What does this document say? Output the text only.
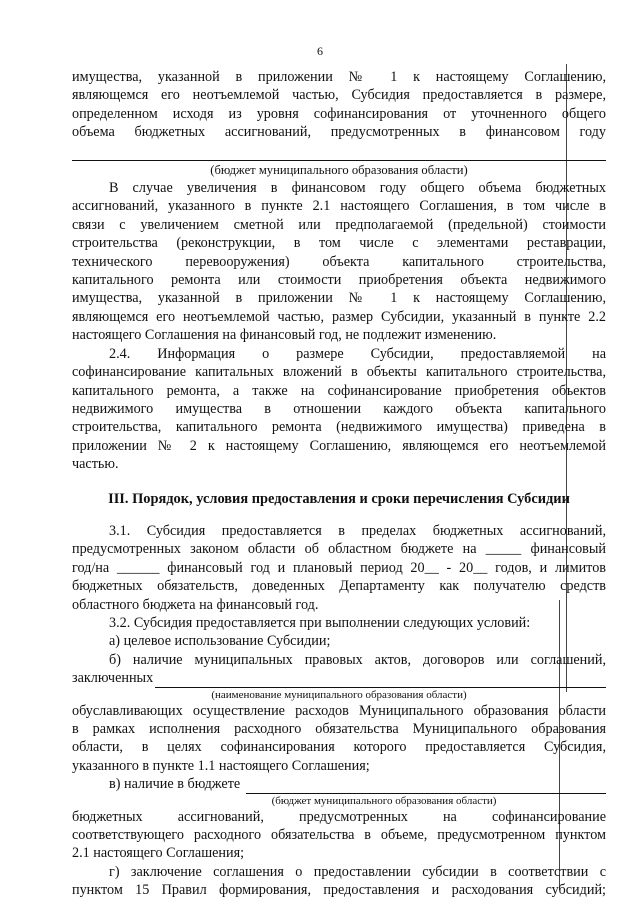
6

имущества, указанной в приложении № 1 к настоящему Соглашению,

являющемся его неотъемлемой частью, Субсидия предоставляется в размере,

определенном исходя из уровня софинансирования от уточненного общего

объема бюджетных ассигнований, предусмотренных в финансовом году

(бюджет муниципального образования области)

В случае увеличения в финансовом году общего объема бюджетных

ассигнований, указанного в пункте 2.1 настоящего Соглашения, в том числе в

связи с увеличением сметной или предполагаемой (предельной) стоимости

строительства (реконструкции, в том числе с элементами реставрации,

технического перевооружения) объекта капитального строительства,

капитального ремонта или стоимости приобретения объекта недвижимого

имущества, указанной в приложении № 1 к настоящему Соглашению,

являющемся его неотъемлемой частью, размер Субсидии, указанный в пункте 2.2

настоящего Соглашения на финансовый год, не подлежит изменению.

2.4. Информация о размере Субсидии, предоставляемой на

софинансирование капитальных вложений в объекты капитального строительства,

капитального ремонта, а также на софинансирование приобретения объектов

недвижимого имущества в отношении каждого объекта капитального

строительства, капитального ремонта (недвижимого имущества) приведена в

приложении № 2 к настоящему Соглашению, являющемся его неотъемлемой

частью.

III. Порядок, условия предоставления и сроки перечисления Субсидии

3.1. Субсидия предоставляется в пределах бюджетных ассигнований,

предусмотренных законом области об областном бюджете на _____ финансовый

год/на ______ финансовый год и плановый период 20__ - 20__ годов, и лимитов

бюджетных обязательств, доведенных Департаменту как получателю средств

областного бюджета на финансовый год.

3.2. Субсидия предоставляется при выполнении следующих условий:

а) целевое использование Субсидии;

б) наличие муниципальных правовых актов, договоров или соглашений,

заключенных

(наименование муниципального образования области)

обуславливающих осуществление расходов Муниципального образования области

в рамках исполнения расходного обязательства Муниципального образования

области, в целях софинансирования которого предоставляется Субсидия,

указанного в пункте 1.1 настоящего Соглашения;

в) наличие в бюджете

(бюджет муниципального образования области)

бюджетных ассигнований, предусмотренных на софинансирование

соответствующего расходного обязательства в объеме, предусмотренном пунктом

2.1 настоящего Соглашения;

г) заключение соглашения о предоставлении субсидии в соответствии с

пунктом 15 Правил формирования, предоставления и расходования субсидий;
